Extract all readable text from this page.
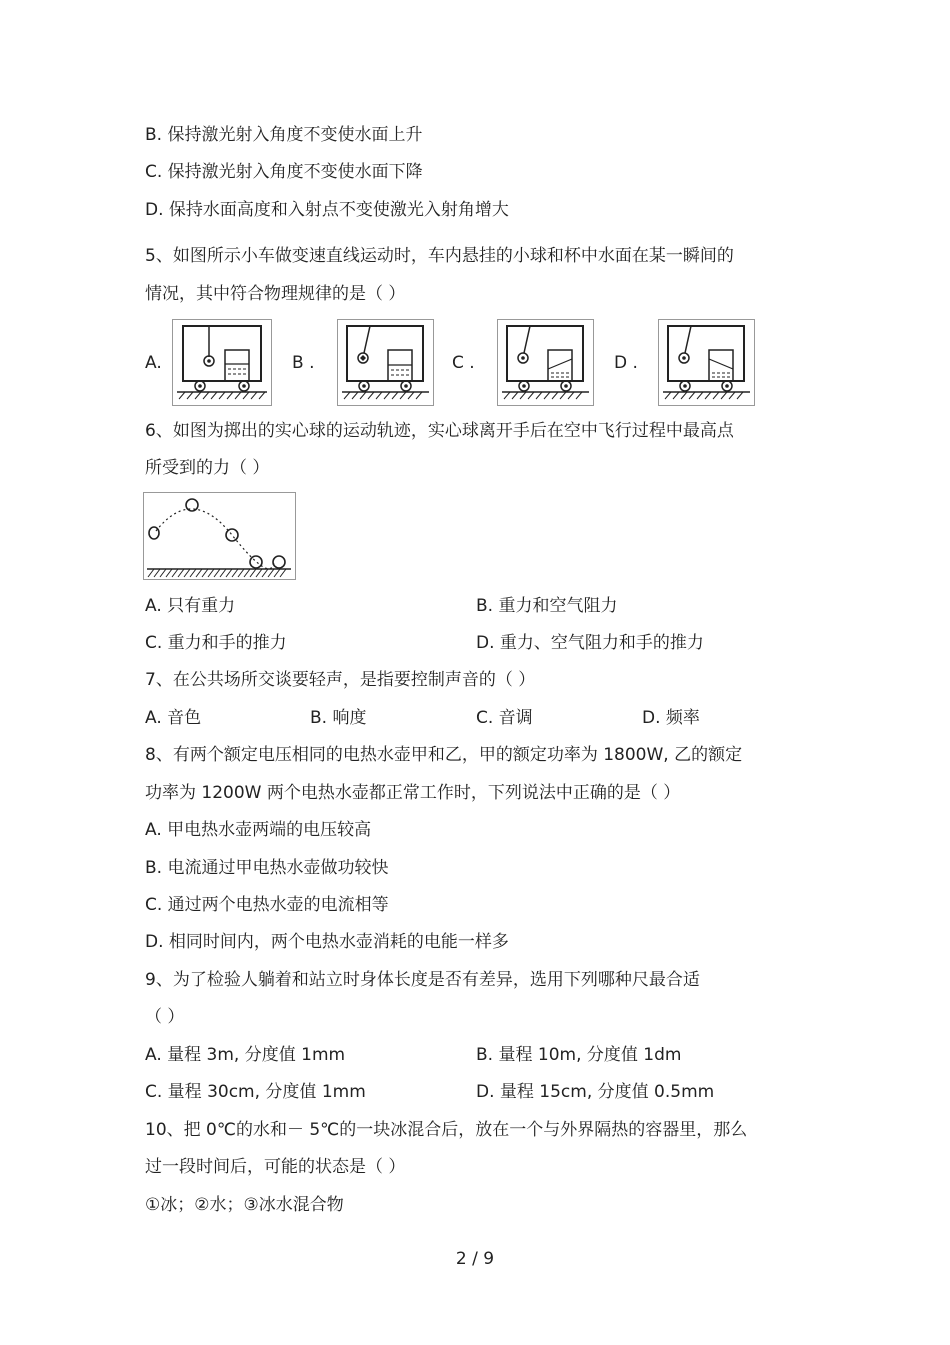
B. 保持激光射入角度不变使水面上升
C. 保持激光射入角度不变使水面下降
D. 保持水面高度和入射点不变使激光入射角增大
5、如图所示小车做变速直线运动时，车内悬挂的小球和杯中水面在某一瞬间的
情况，其中符合物理规律的是（ ）
A.	B .	C .	D .
6、如图为掷出的实心球的运动轨迹，实心球离开手后在空中飞行过程中最高点
所受到的力（ ）
A. 只有重力	B. 重力和空气阻力
C. 重力和手的推力	D. 重力、空气阻力和手的推力
7、在公共场所交谈要轻声，是指要控制声音的（ ）
A. 音色	B. 响度	C. 音调	D. 频率
8、有两个额定电压相同的电热水壶甲和乙，甲的额定功率为 1800W, 乙的额定
功率为 1200W 两个电热水壶都正常工作时，下列说法中正确的是（ ）
A. 甲电热水壶两端的电压较高
B. 电流通过甲电热水壶做功较快
C. 通过两个电热水壶的电流相等
D. 相同时间内，两个电热水壶消耗的电能一样多
9、为了检验人躺着和站立时身体长度是否有差异，选用下列哪种尺最合适
（ ）
A. 量程 3m, 分度值 1mm	B. 量程 10m, 分度值 1dm
C. 量程 30cm, 分度值 1mm	D. 量程 15cm, 分度值 0.5mm
10、把 0℃的水和－ 5℃的一块冰混合后，放在一个与外界隔热的容器里，那么
过一段时间后，可能的状态是（ ）
①冰；②水；③冰水混合物
2 / 9
